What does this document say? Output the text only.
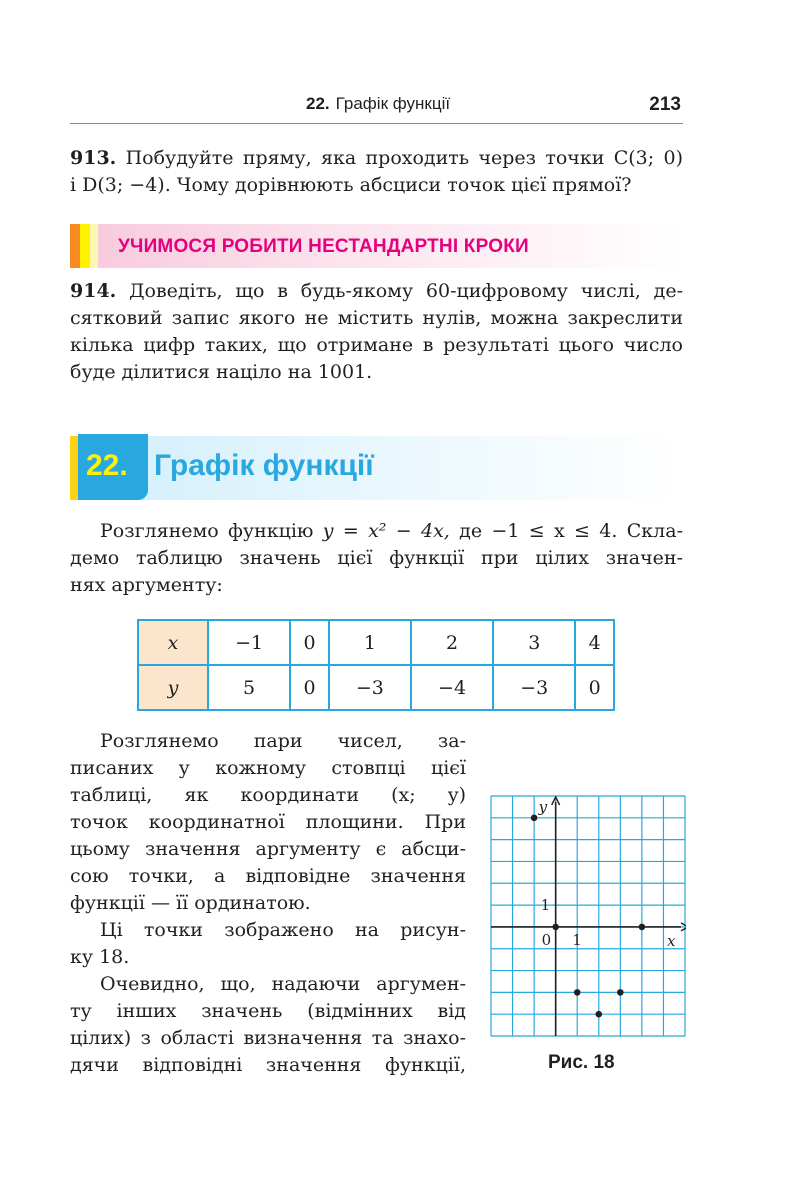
22. Графік функції	213
913. Побудуйте пряму, яка проходить через точки C(3; 0)
і D(3; −4). Чому дорівнюють абсциси точок цієї прямої?
УЧИМОСЯ РОБИТИ НЕСТАНДАРТНІ КРОКИ
914. Доведіть, що в будь-якому 60-цифровому числі, де-
сятковий запис якого не містить нулів, можна закреслити
кілька цифр таких, що отримане в результаті цього число
буде ділитися націло на 1001.
22. Графік функції
Розглянемо функцію y = x² − 4x, де −1 ≤ x ≤ 4. Скла-
демо таблицю значень цієї функції при цілих значен-
нях аргументу:
x	−1	0	1	2	3	4
y	5	0	−3	−4	−3	0
Розглянемо пари чисел, за-
писаних у кожному стовпці цієї
таблиці, як координати (x; y)
точок координатної площини. При
цьому значення аргументу є абсци-
сою точки, а відповідне значення
функції — її ординатою.
Ці точки зображено на рисун-
ку 18.
Очевидно, що, надаючи аргумен-
ту інших значень (відмінних від
цілих) з області визначення та знахо-
дячи відповідні значення функції,
y
x
0 1
1
Рис. 18
